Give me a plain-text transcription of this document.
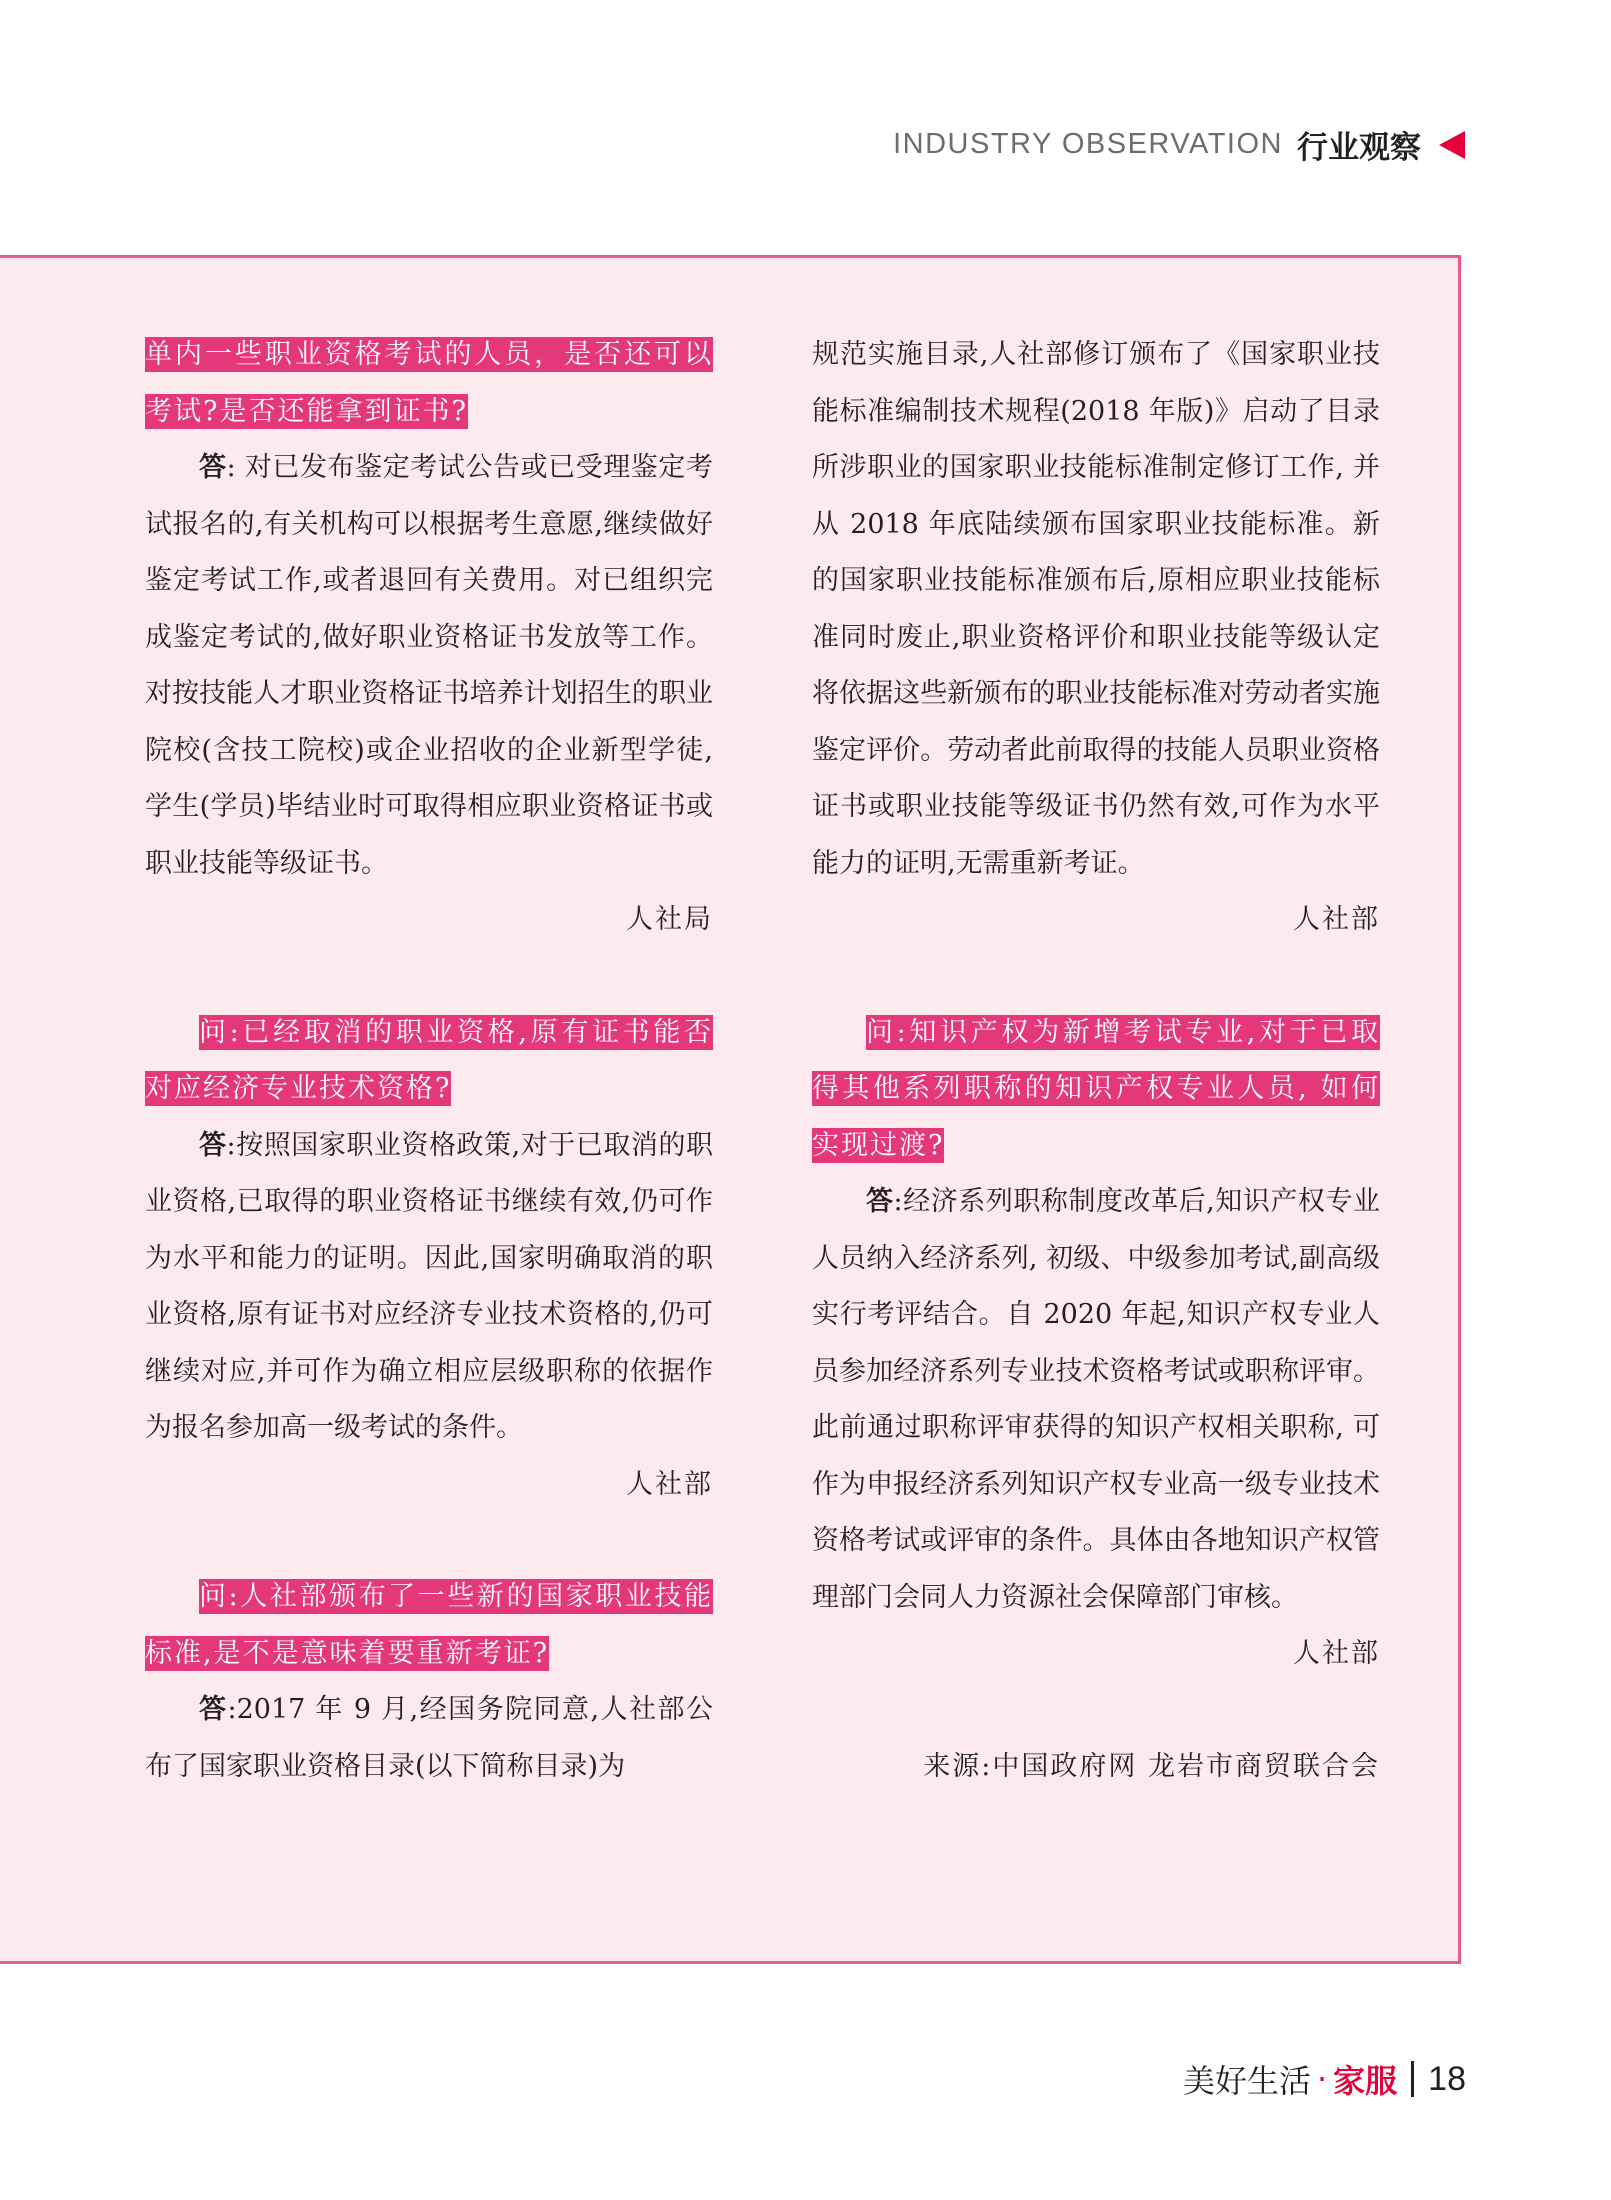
INDUSTRY OBSERVATION 行业观察

单内一些职业资格考试的人员，是否还可以考试?是否还能拿到证书?

答: 对已发布鉴定考试公告或已受理鉴定考试报名的,有关机构可以根据考生意愿,继续做好鉴定考试工作,或者退回有关费用。对已组织完成鉴定考试的,做好职业资格证书发放等工作。对按技能人才职业资格证书培养计划招生的职业院校(含技工院校)或企业招收的企业新型学徒,学生(学员)毕结业时可取得相应职业资格证书或职业技能等级证书。

人社局

问:已经取消的职业资格,原有证书能否对应经济专业技术资格?

答:按照国家职业资格政策,对于已取消的职业资格,已取得的职业资格证书继续有效,仍可作为水平和能力的证明。因此,国家明确取消的职业资格,原有证书对应经济专业技术资格的,仍可继续对应,并可作为确立相应层级职称的依据作为报名参加高一级考试的条件。

人社部

问:人社部颁布了一些新的国家职业技能标准,是不是意味着要重新考证?

答:2017 年 9 月,经国务院同意,人社部公布了国家职业资格目录(以下简称目录)为

规范实施目录,人社部修订颁布了《国家职业技能标准编制技术规程(2018 年版)》启动了目录所涉职业的国家职业技能标准制定修订工作, 并从 2018 年底陆续颁布国家职业技能标准。新的国家职业技能标准颁布后,原相应职业技能标准同时废止,职业资格评价和职业技能等级认定将依据这些新颁布的职业技能标准对劳动者实施鉴定评价。劳动者此前取得的技能人员职业资格证书或职业技能等级证书仍然有效,可作为水平能力的证明,无需重新考证。

人社部

问:知识产权为新增考试专业,对于已取得其他系列职称的知识产权专业人员, 如何实现过渡?

答:经济系列职称制度改革后,知识产权专业人员纳入经济系列, 初级、中级参加考试,副高级实行考评结合。自 2020 年起,知识产权专业人员参加经济系列专业技术资格考试或职称评审。此前通过职称评审获得的知识产权相关职称, 可作为申报经济系列知识产权专业高一级专业技术资格考试或评审的条件。具体由各地知识产权管理部门会同人力资源社会保障部门审核。

人社部

来源:中国政府网 龙岩市商贸联合会

美好生活 · 家服 18
